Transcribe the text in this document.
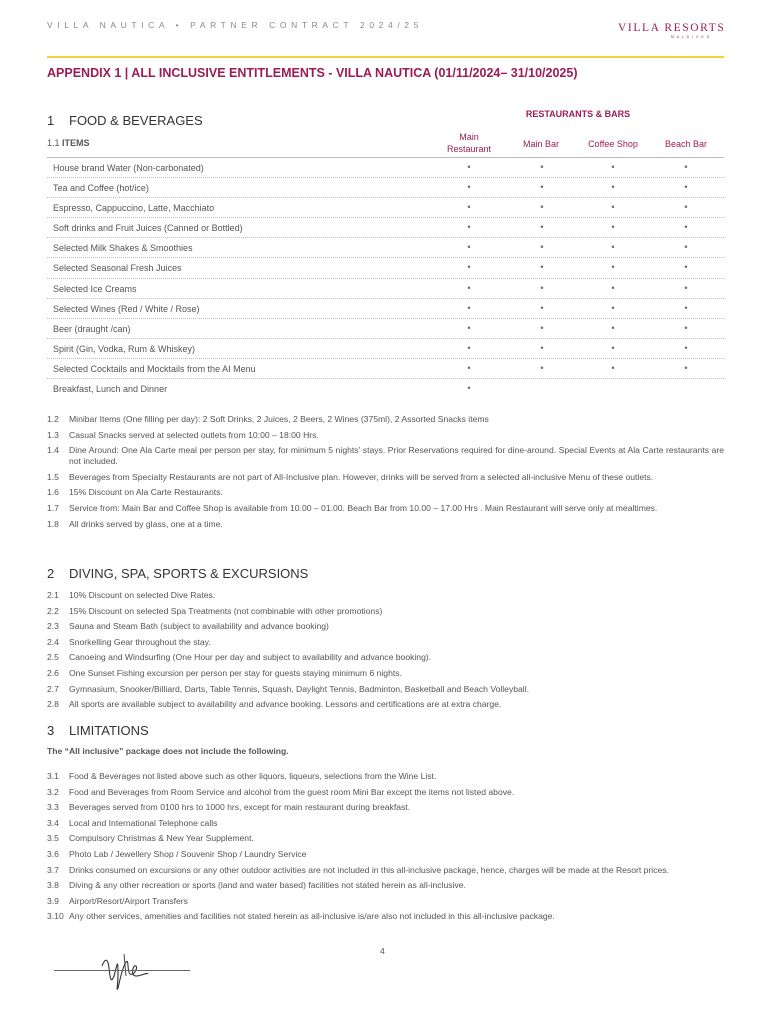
VILLA NAUTICA • PARTNER CONTRACT 2024/25	VILLA RESORTS
M A L D I V E S
APPENDIX 1 | ALL INCLUSIVE ENTITLEMENTS - VILLA NAUTICA (01/11/2024– 31/10/2025)
1 FOOD & BEVERAGES
1.1 ITEMS
RESTAURANTS & BARS
Main
Restaurant	Main Bar	Coffee Shop	Beach Bar
House brand Water (Non-carbonated)	•	•	•	•
Tea and Coffee (hot/ice)	•	•	•	•
Espresso, Cappuccino, Latte, Macchiato	•	•	•	•
Soft drinks and Fruit Juices (Canned or Bottled)	•	•	•	•
Selected Milk Shakes & Smoothies	•	•	•	•
Selected Seasonal Fresh Juices	•	•	•	•
Selected Ice Creams	•	•	•	•
Selected Wines (Red / White / Rose)	•	•	•	•
Beer (draught /can)	•	•	•	•
Spirit (Gin, Vodka, Rum & Whiskey)	•	•	•	•
Selected Cocktails and Mocktails from the AI Menu	•	•	•	•
Breakfast, Lunch and Dinner	•
1.2 Minibar Items (One filling per day): 2 Soft Drinks, 2 Juices, 2 Beers, 2 Wines (375ml), 2 Assorted Snacks items
1.3 Casual Snacks served at selected outlets from 10:00 – 18:00 Hrs.
1.4 Dine Around: One Ala Carte meal per person per stay, for minimum 5 nights' stays. Prior Reservations required for dine-around. Special Events at Ala Carte restaurants are not included.
1.5 Beverages from Specialty Restaurants are not part of All-Inclusive plan. However, drinks will be served from a selected all-inclusive Menu of these outlets.
1.6 15% Discount on Ala Carte Restaurants.
1.7 Service from: Main Bar and Coffee Shop is available from 10.00 – 01.00. Beach Bar from 10.00 – 17.00 Hrs . Main Restaurant will serve only at mealtimes.
1.8 All drinks served by glass, one at a time.
2 DIVING, SPA, SPORTS & EXCURSIONS
2.1 10% Discount on selected Dive Rates.
2.2 15% Discount on selected Spa Treatments (not combinable with other promotions)
2.3 Sauna and Steam Bath (subject to availability and advance booking)
2.4 Snorkelling Gear throughout the stay.
2.5 Canoeing and Windsurfing (One Hour per day and subject to availability and advance booking).
2.6 One Sunset Fishing excursion per person per stay for guests staying minimum 6 nights.
2.7 Gymnasium, Snooker/Billiard, Darts, Table Tennis, Squash, Daylight Tennis, Badminton, Basketball and Beach Volleyball.
2.8 All sports are available subject to availability and advance booking. Lessons and certifications are at extra charge.
3 LIMITATIONS
The “All inclusive” package does not include the following.
3.1 Food & Beverages not listed above such as other liquors, liqueurs, selections from the Wine List.
3.2 Food and Beverages from Room Service and alcohol from the guest room Mini Bar except the items not listed above.
3.3 Beverages served from 0100 hrs to 1000 hrs, except for main restaurant during breakfast.
3.4 Local and International Telephone calls
3.5 Compulsory Christmas & New Year Supplement.
3.6 Photo Lab / Jewellery Shop / Souvenir Shop / Laundry Service
3.7 Drinks consumed on excursions or any other outdoor activities are not included in this all-inclusive package, hence, charges will be made at the Resort prices.
3.8 Diving & any other recreation or sports (land and water based) facilities not stated herein as all-inclusive.
3.9 Airport/Resort/Airport Transfers
3.10 Any other services, amenities and facilities not stated herein as all-inclusive is/are also not included in this all-inclusive package.
4
